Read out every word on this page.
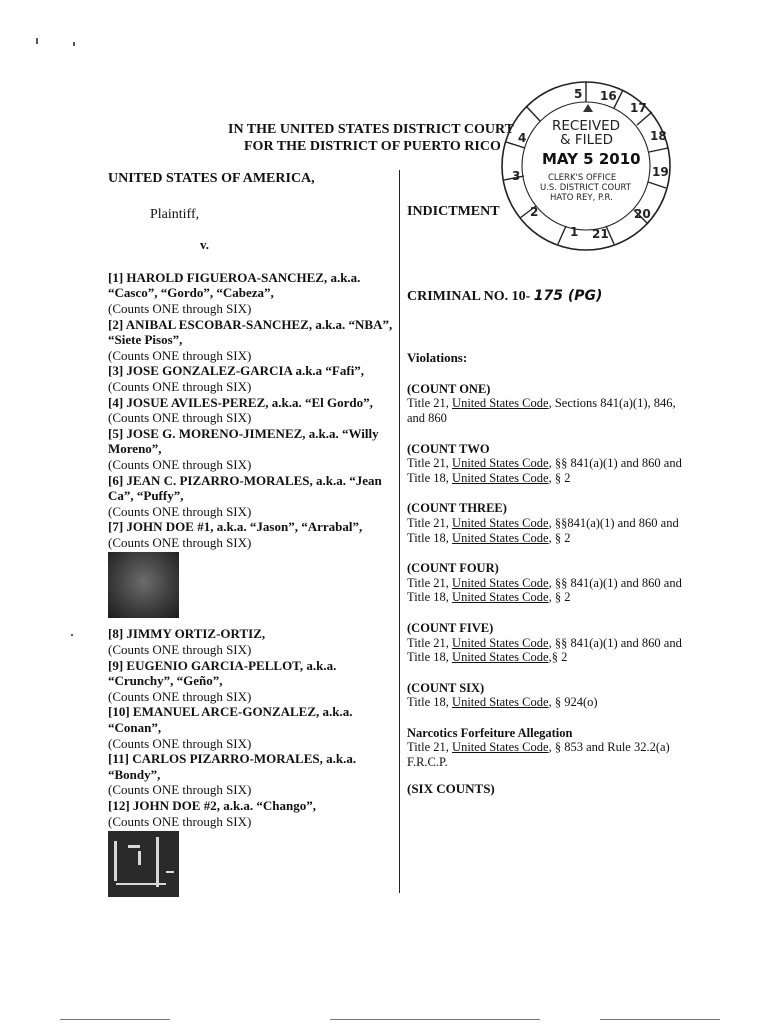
IN THE UNITED STATES DISTRICT COURT
FOR THE DISTRICT OF PUERTO RICO
5 16
17
18
19
20
21
1
2
3
4
RECEIVED
& FILED
MAY 5 2010
CLERK'S OFFICE
U.S. DISTRICT COURT
HATO REY, P.R.
UNITED STATES OF AMERICA,
Plaintiff,
v.
[1] HAROLD FIGUEROA-SANCHEZ, a.k.a. “Casco”, “Gordo”, “Cabeza”,
(Counts ONE through SIX)
[2] ANIBAL ESCOBAR-SANCHEZ, a.k.a. “NBA”, “Siete Pisos”,
(Counts ONE through SIX)
[3] JOSE GONZALEZ-GARCIA a.k.a “Fafi”,
(Counts ONE through SIX)
[4] JOSUE AVILES-PEREZ, a.k.a. “El Gordo”,
(Counts ONE through SIX)
[5] JOSE G. MORENO-JIMENEZ, a.k.a. “Willy Moreno”,
(Counts ONE through SIX)
[6] JEAN C. PIZARRO-MORALES, a.k.a. “Jean Ca”, “Puffy”,
(Counts ONE through SIX)
[7] JOHN DOE #1, a.k.a. “Jason”, “Arrabal”,
(Counts ONE through SIX)
[8] JIMMY ORTIZ-ORTIZ,
(Counts ONE through SIX)
[9] EUGENIO GARCIA-PELLOT, a.k.a. “Crunchy”, “Geño”,
(Counts ONE through SIX)
[10] EMANUEL ARCE-GONZALEZ, a.k.a. “Conan”,
(Counts ONE through SIX)
[11] CARLOS PIZARRO-MORALES, a.k.a. “Bondy”,
(Counts ONE through SIX)
[12] JOHN DOE #2, a.k.a. “Chango”,
(Counts ONE through SIX)
INDICTMENT
CRIMINAL NO. 10- 175 (PG)
Violations:
(COUNT ONE)
Title 21, United States Code, Sections 841(a)(1), 846, and 860
(COUNT TWO
Title 21, United States Code, §§ 841(a)(1) and 860 and Title 18, United States Code, § 2
(COUNT THREE)
Title 21, United States Code, §§841(a)(1) and 860 and Title 18, United States Code, § 2
(COUNT FOUR)
Title 21, United States Code, §§ 841(a)(1) and 860 and Title 18, United States Code, § 2
(COUNT FIVE)
Title 21, United States Code, §§ 841(a)(1) and 860 and Title 18, United States Code,§ 2
(COUNT SIX)
Title 18, United States Code, § 924(o)
Narcotics Forfeiture Allegation
Title 21, United States Code, § 853 and Rule 32.2(a) F.R.C.P.
(SIX COUNTS)
